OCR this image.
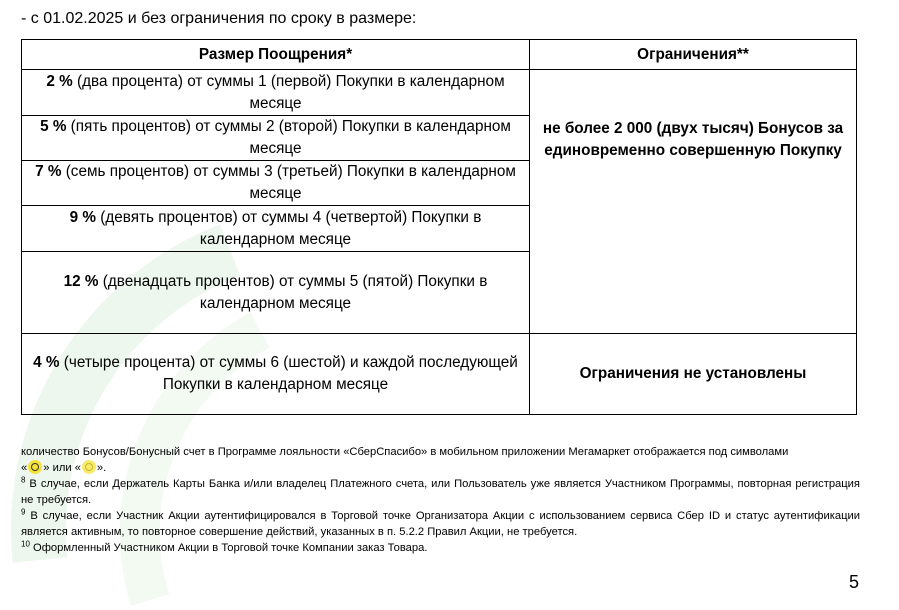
- с 01.02.2025 и без ограничения по сроку в размере:
Размер Поощрения*	Ограничения**
2 % (два процента) от суммы 1 (первой) Покупки в календарном месяце	не более 2 000 (двух тысяч) Бонусов за единовременно совершенную Покупку
5 % (пять процентов) от суммы 2 (второй) Покупки в календарном месяце	
7 % (семь процентов) от суммы 3 (третьей) Покупки в календарном месяце	
9 % (девять процентов) от суммы 4 (четвертой) Покупки в календарном месяце	
12 % (двенадцать процентов) от суммы 5 (пятой) Покупки в календарном месяце	
4 % (четыре процента) от суммы 6 (шестой) и каждой последующей Покупки в календарном месяце	Ограничения не установлены

количество Бонусов/Бонусный счет в Программе лояльности «СберСпасибо» в мобильном приложении Мегамаркет отображается под символами
« » или « ».

$^8$ В случае, если Держатель Карты Банка и/или владелец Платежного счета, или Пользователь уже является Участником Программы, повторная регистрация не требуется.

$^9$ В случае, если Участник Акции аутентифицировался в Торговой точке Организатора Акции с использованием сервиса Сбер ID и статус аутентификации является активным, то повторное совершение действий, указанных в п. 5.2.2 Правил Акции, не требуется.

$^{10}$ Оформленный Участником Акции в Торговой точке Компании заказ Товара.

5
